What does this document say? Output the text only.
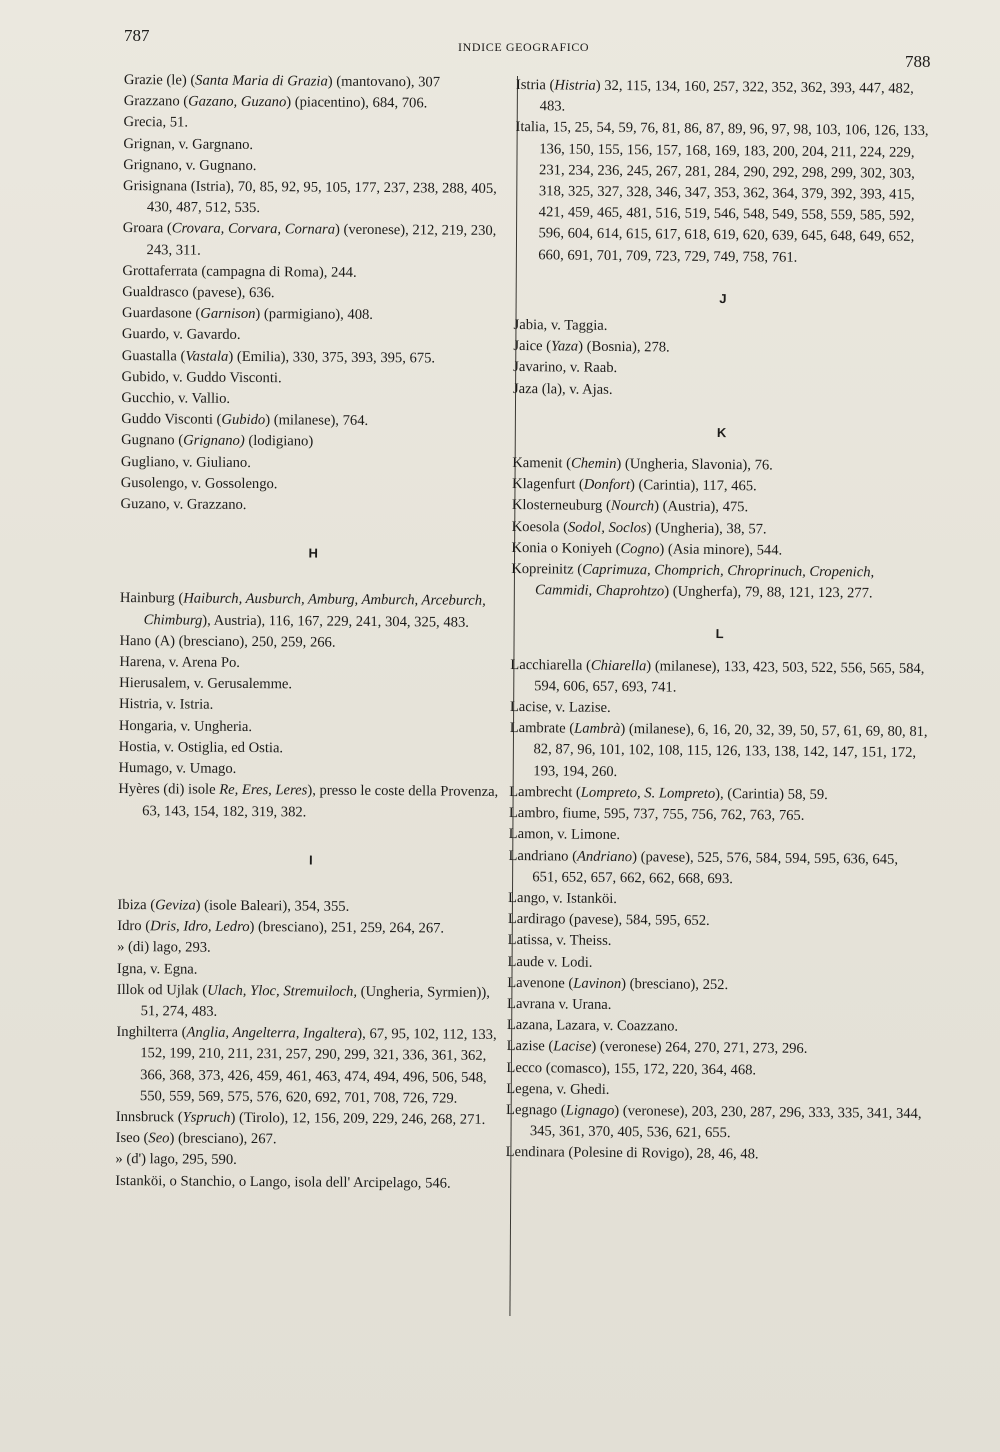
787
INDICE GEOGRAFICO
788
Grazie (le) (Santa Maria di Grazia) (mantovano), 307
Grazzano (Gazano, Guzano) (piacentino), 684, 706.
Grecia, 51.
Grignan, v. Gargnano.
Grignano, v. Gugnano.
Grisignana (Istria), 70, 85, 92, 95, 105, 177, 237, 238, 288, 405, 430, 487, 512, 535.
Groara (Crovara, Corvara, Cornara) (veronese), 212, 219, 230, 243, 311.
Grottaferrata (campagna di Roma), 244.
Gualdrasco (pavese), 636.
Guardasone (Garnison) (parmigiano), 408.
Guardo, v. Gavardo.
Guastalla (Vastala) (Emilia), 330, 375, 393, 395, 675.
Gubido, v. Guddo Visconti.
Gucchio, v. Vallio.
Guddo Visconti (Gubido) (milanese), 764.
Gugnano (Grignano) (lodigiano)
Gugliano, v. Giuliano.
Gusolengo, v. Gossolengo.
Guzano, v. Grazzano.
H
Hainburg (Haiburch, Ausburch, Amburg, Amburch, Arceburch, Chimburg), Austria), 116, 167, 229, 241, 304, 325, 483.
Hano (A) (bresciano), 250, 259, 266.
Harena, v. Arena Po.
Hierusalem, v. Gerusalemme.
Histria, v. Istria.
Hongaria, v. Ungheria.
Hostia, v. Ostiglia, ed Ostia.
Humago, v. Umago.
Hyères (di) isole Re, Eres, Leres), presso le coste della Provenza, 63, 143, 154, 182, 319, 382.
I
Ibiza (Geviza) (isole Baleari), 354, 355.
Idro (Dris, Idro, Ledro) (bresciano), 251, 259, 264, 267.
» (di) lago, 293.
Igna, v. Egna.
Illok od Ujlak (Ulach, Yloc, Stremuiloch, (Ungheria, Syrmien)), 51, 274, 483.
Inghilterra (Anglia, Angelterra, Ingaltera), 67, 95, 102, 112, 133, 152, 199, 210, 211, 231, 257, 290, 299, 321, 336, 361, 362, 366, 368, 373, 426, 459, 461, 463, 474, 494, 496, 506, 548, 550, 559, 569, 575, 576, 620, 692, 701, 708, 726, 729.
Innsbruck (Yspruch) (Tirolo), 12, 156, 209, 229, 246, 268, 271.
Iseo (Seo) (bresciano), 267.
» (d') lago, 295, 590.
Istanköi, o Stanchio, o Lango, isola dell' Arcipelago, 546.
Istria (Histria) 32, 115, 134, 160, 257, 322, 352, 362, 393, 447, 482, 483.
Italia, 15, 25, 54, 59, 76, 81, 86, 87, 89, 96, 97, 98, 103, 106, 126, 133, 136, 150, 155, 156, 157, 168, 169, 183, 200, 204, 211, 224, 229, 231, 234, 236, 245, 267, 281, 284, 290, 292, 298, 299, 302, 303, 318, 325, 327, 328, 346, 347, 353, 362, 364, 379, 392, 393, 415, 421, 459, 465, 481, 516, 519, 546, 548, 549, 558, 559, 585, 592, 596, 604, 614, 615, 617, 618, 619, 620, 639, 645, 648, 649, 652, 660, 691, 701, 709, 723, 729, 749, 758, 761.
J
Jabia, v. Taggia.
Jaice (Yaza) (Bosnia), 278.
Javarino, v. Raab.
Jaza (la), v. Ajas.
K
Kamenit (Chemin) (Ungheria, Slavonia), 76.
Klagenfurt (Donfort) (Carintia), 117, 465.
Klosterneuburg (Nourch) (Austria), 475.
Koesola (Sodol, Soclos) (Ungheria), 38, 57.
Konia o Koniyeh (Cogno) (Asia minore), 544.
Kopreinitz (Caprimuza, Chomprich, Chroprinuch, Cropenich, Cammidi, Chaprohtzo) (Ungherfa), 79, 88, 121, 123, 277.
L
Lacchiarella (Chiarella) (milanese), 133, 423, 503, 522, 556, 565, 584, 594, 606, 657, 693, 741.
Lacise, v. Lazise.
Lambrate (Lambrà) (milanese), 6, 16, 20, 32, 39, 50, 57, 61, 69, 80, 81, 82, 87, 96, 101, 102, 108, 115, 126, 133, 138, 142, 147, 151, 172, 193, 194, 260.
Lambrecht (Lompreto, S. Lompreto), (Carintia) 58, 59.
Lambro, fiume, 595, 737, 755, 756, 762, 763, 765.
Lamon, v. Limone.
Landriano (Andriano) (pavese), 525, 576, 584, 594, 595, 636, 645, 651, 652, 657, 662, 662, 668, 693.
Lango, v. Istanköi.
Lardirago (pavese), 584, 595, 652.
Latissa, v. Theiss.
Laude v. Lodi.
Lavenone (Lavinon) (bresciano), 252.
Lavrana v. Urana.
Lazana, Lazara, v. Coazzano.
Lazise (Lacise) (veronese) 264, 270, 271, 273, 296.
Lecco (comasco), 155, 172, 220, 364, 468.
Legena, v. Ghedi.
Legnago (Lignago) (veronese), 203, 230, 287, 296, 333, 335, 341, 344, 345, 361, 370, 405, 536, 621, 655.
Lendinara (Polesine di Rovigo), 28, 46, 48.
